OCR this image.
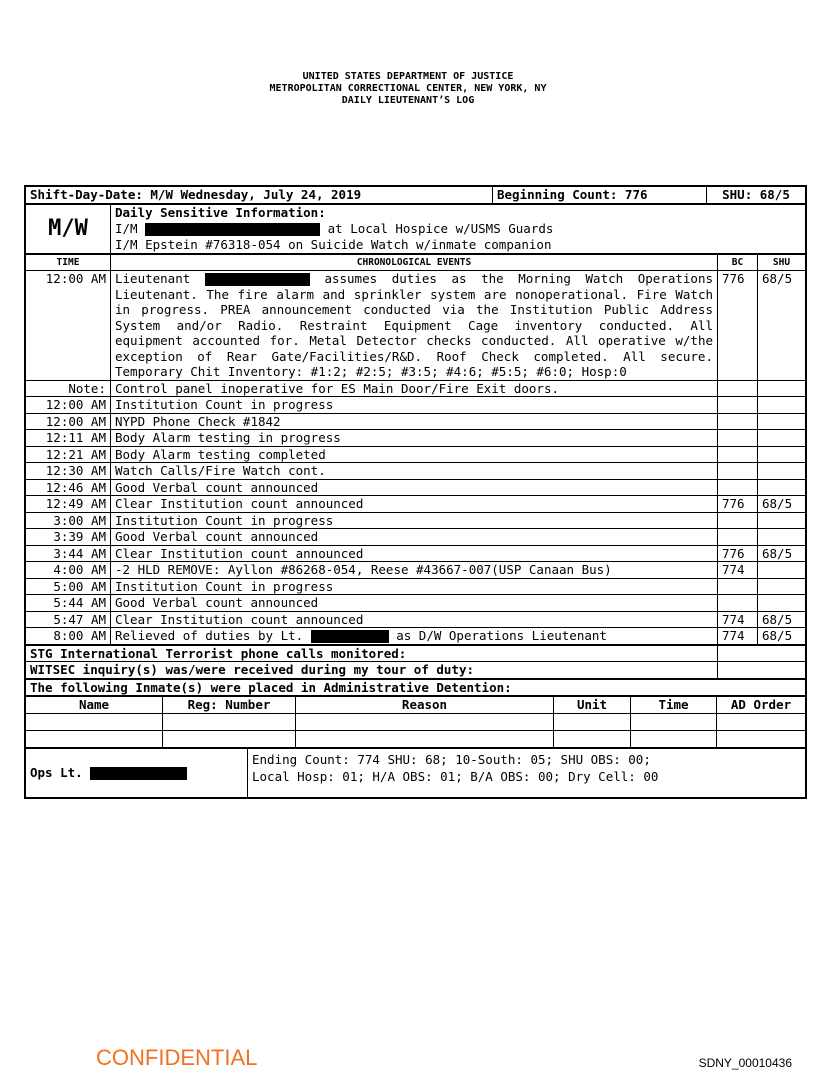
UNITED STATES DEPARTMENT OF JUSTICE
METROPOLITAN CORRECTIONAL CENTER, NEW YORK, NY
DAILY LIEUTENANT’S LOG
Shift-Day-Date: M/W Wednesday, July 24, 2019	Beginning Count: 776	SHU: 68/5
M/W	
Daily Sensitive Information:
I/M	at Local Hospice w/USMS Guards
I/M Epstein #76318-054 on Suicide Watch w/inmate companion
TIME	CHRONOLOGICAL EVENTS	BC	SHU
12:00 AM	Lieutenant assumes duties as the Morning Watch Operations Lieutenant. The fire alarm and sprinkler system are nonoperational. Fire Watch in progress. PREA announcement conducted via the Institution Public Address System and/or Radio. Restraint Equipment Cage inventory conducted. All equipment accounted for. Metal Detector checks conducted. All operative w/the exception of Rear Gate/Facilities/R&D. Roof Check completed. All secure. Temporary Chit Inventory: #1:2; #2:5; #3:5; #4:6; #5:5; #6:0; Hosp:0	776	68/5
Note:	Control panel inoperative for ES Main Door/Fire Exit doors.		
12:00 AM	Institution Count in progress		
12:00 AM	NYPD Phone Check #1842		
12:11 AM	Body Alarm testing in progress		
12:21 AM	Body Alarm testing completed		
12:30 AM	Watch Calls/Fire Watch cont.		
12:46 AM	Good Verbal count announced		
12:49 AM	Clear Institution count announced	776	68/5
3:00 AM	Institution Count in progress		
3:39 AM	Good Verbal count announced		
3:44 AM	Clear Institution count announced	776	68/5
4:00 AM	-2 HLD REMOVE: Ayllon #86268-054, Reese #43667-007(USP Canaan Bus)	774	
5:00 AM	Institution Count in progress		
5:44 AM	Good Verbal count announced		
5:47 AM	Clear Institution count announced	774	68/5
8:00 AM	Relieved of duties by Lt. as D/W Operations Lieutenant	774	68/5
STG International Terrorist phone calls monitored:	
WITSEC inquiry(s) was/were received during my tour of duty:	
The following Inmate(s) were placed in Administrative Detention:
Name	Reg: Number	Reason	Unit	Time	AD Order

Ops Lt.	
Ending Count: 774 SHU: 68; 10-South: 05; SHU OBS: 00;
Local Hosp: 01; H/A OBS: 01; B/A OBS: 00; Dry Cell: 00
CONFIDENTIAL	SDNY_00010436
